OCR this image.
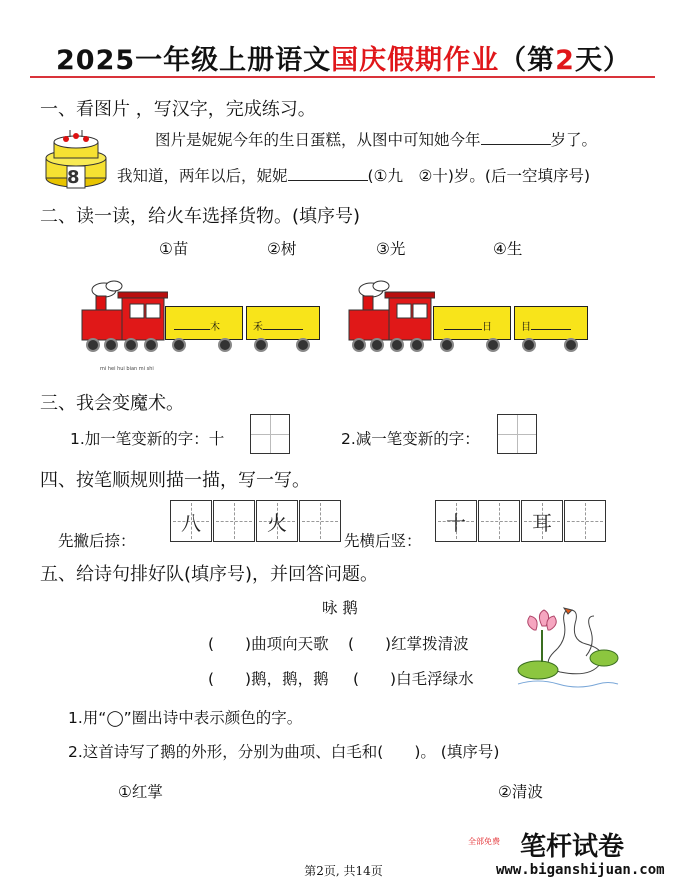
2025一年级上册语文国庆假期作业（第2天）
一、看图片 ，写汉字，完成练习。
8
图片是妮妮今年的生日蛋糕，从图中可知她今年	岁了。
我知道，两年以后，妮妮	(①九　②十)岁。(后一空填序号)
二、读一读，给火车选择货物。(填序号)
①苗	②树	③光	④生
木	禾	日	目
mi hei hui bian mi shi
三、我会变魔术。
1.加一笔变新的字：十	2.减一笔变新的字：
四、按笔顺规则描一描，写一写。
先撇后捺：
八	火
先横后竖：
十	耳
五、给诗句排好队(填序号)，并回答问题。
咏 鹅
(　　)曲项向天歌 (　　)红掌拨清波
(　　)鹅，鹅，鹅 (　　)白毛浮绿水
1.用“◯”圈出诗中表示颜色的字。
2.这首诗写了鹅的外形，分别为曲项、白毛和(　　)。 (填序号)
①红掌	②清波
第2页, 共14页
笔杆试卷
全部免费
www.biganshijuan.com
